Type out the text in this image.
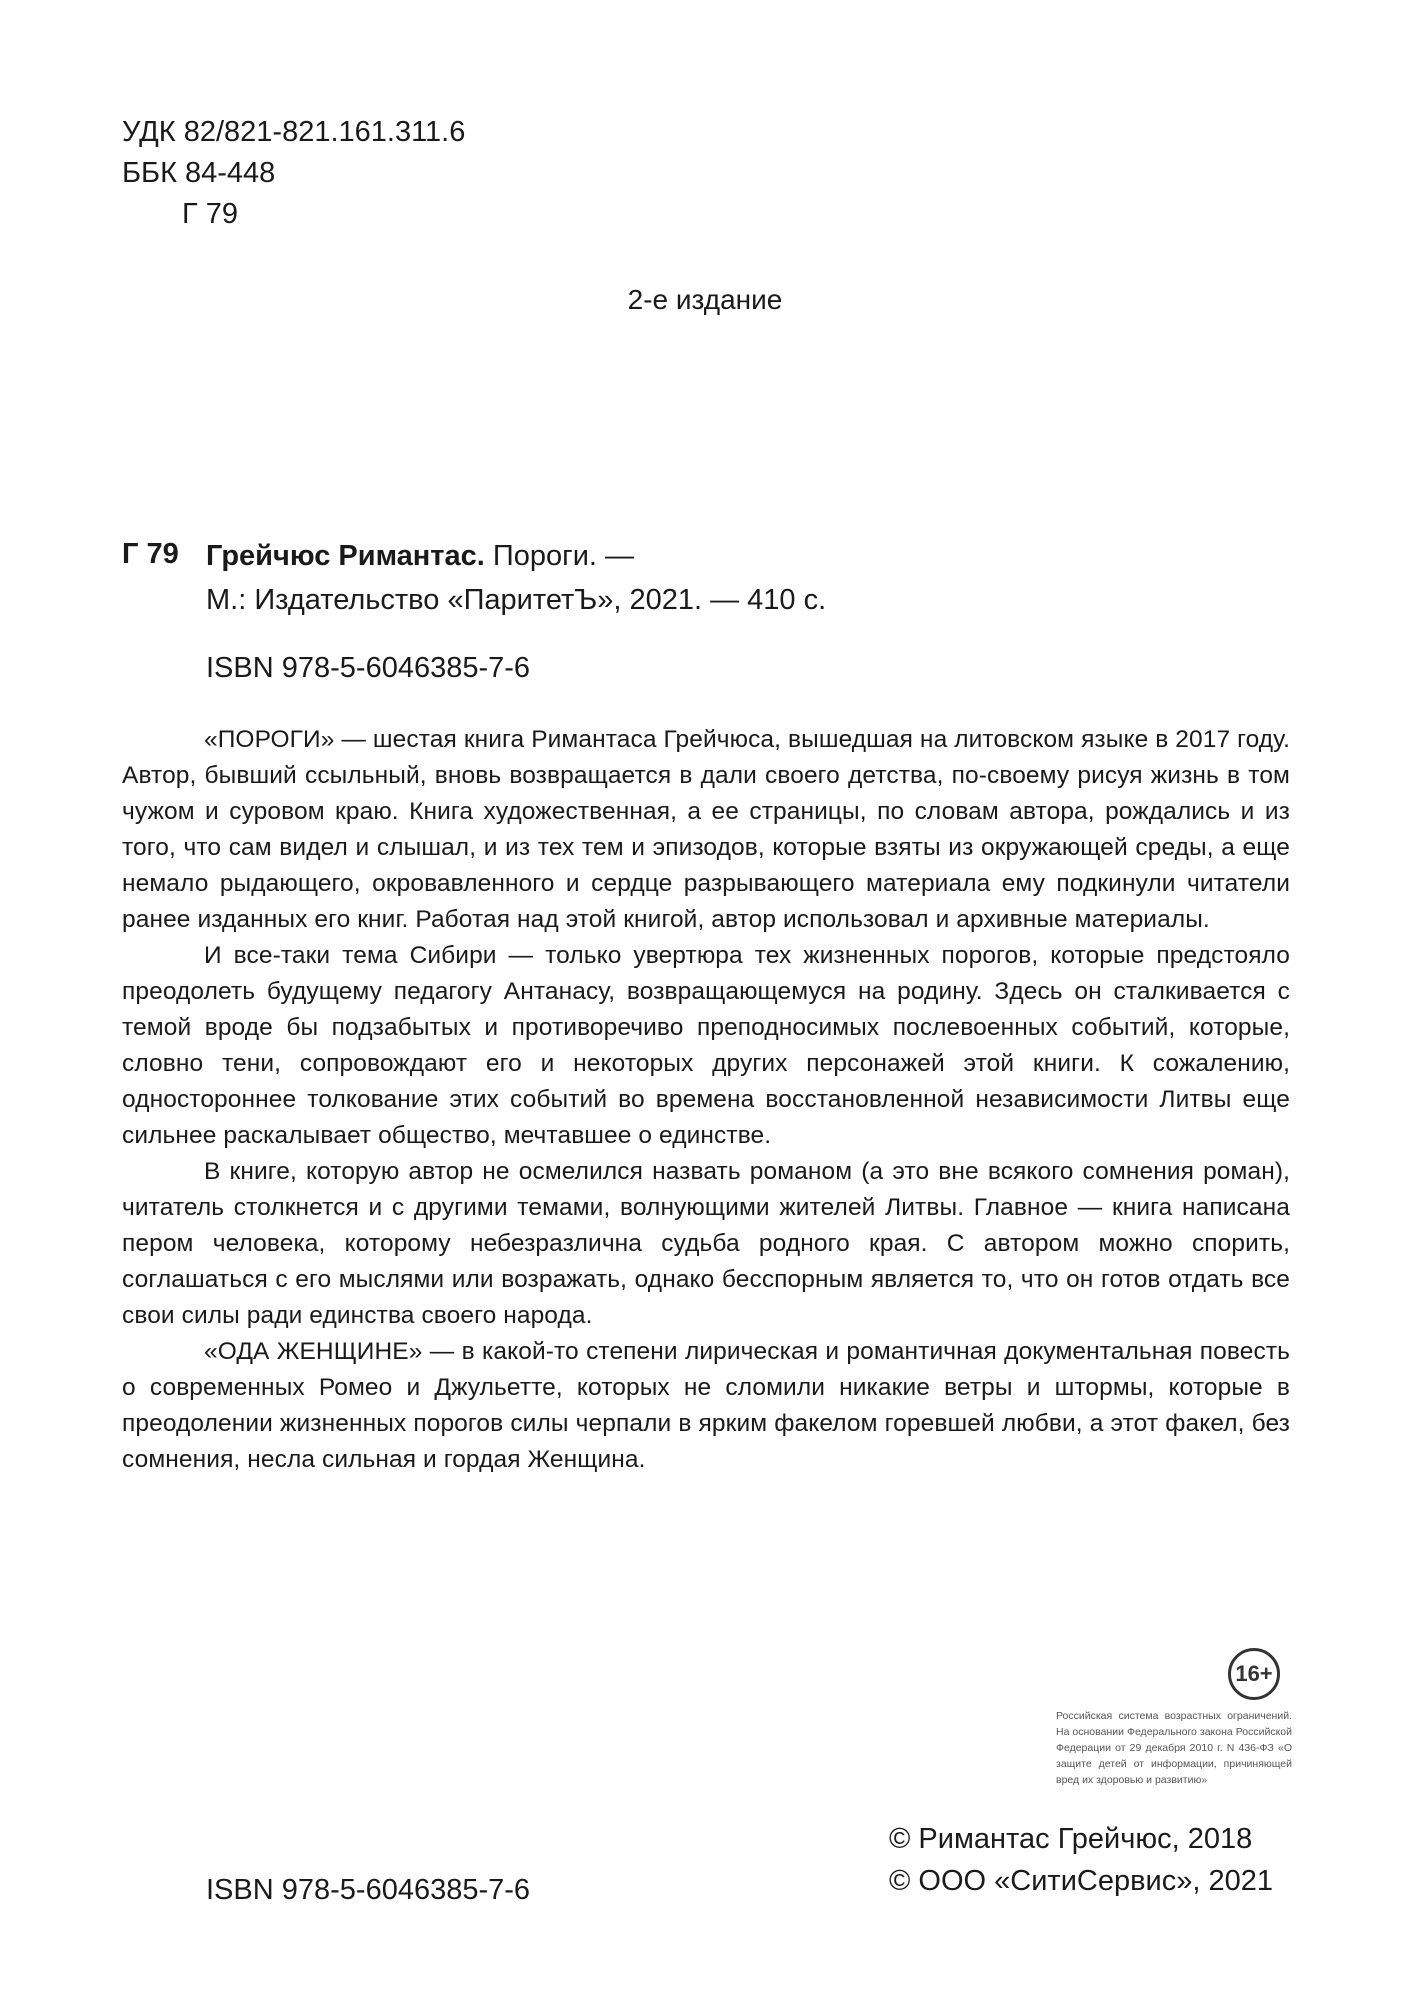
УДК 82/821-821.161.311.6
ББК 84-448
Г 79
2-е издание
Г 79 Грейчюс Римантас. Пороги. —
М.: Издательство «ПаритетЪ», 2021. — 410 с.
ISBN 978-5-6046385-7-6

«ПОРОГИ» — шестая книга Римантаса Грейчюса, вышедшая на литовском языке в 2017 году. Автор, бывший ссыльный, вновь возвращается в дали своего детства, по-своему рисуя жизнь в том чужом и суровом краю. Книга художественная, а ее страницы, по словам автора, рождались и из того, что сам видел и слышал, и из тех тем и эпизодов, которые взяты из окружающей среды, а еще немало рыдающего, окровавленного и сердце разрывающего материала ему подкинули читатели ранее изданных его книг. Работая над этой книгой, автор использовал и архивные материалы.

И все-таки тема Сибири — только увертюра тех жизненных порогов, которые предстояло преодолеть будущему педагогу Антанасу, возвращающемуся на родину. Здесь он сталкивается с темой вроде бы подзабытых и противоречиво преподносимых послевоенных событий, которые, словно тени, сопровождают его и некоторых других персонажей этой книги. К сожалению, одностороннее толкование этих событий во времена восстановленной независимости Литвы еще сильнее раскалывает общество, мечтавшее о единстве.

В книге, которую автор не осмелился назвать романом (а это вне всякого сомнения роман), читатель столкнется и с другими темами, волнующими жителей Литвы. Главное — книга написана пером человека, которому небезразлична судьба родного края. С автором можно спорить, соглашаться с его мыслями или возражать, однако бесспорным является то, что он готов отдать все свои силы ради единства своего народа.

«ОДА ЖЕНЩИНЕ» — в какой-то степени лирическая и романтичная документальная повесть о современных Ромео и Джульетте, которых не сломили никакие ветры и штормы, которые в преодолении жизненных порогов силы черпали в ярким факелом горевшей любви, а этот факел, без сомнения, несла сильная и гордая Женщина.

16+
Российская система возрастных ограничений. На основании Федерального закона Российской Федерации от 29 декабря 2010 г. N 436-ФЗ «О защите детей от информации, причиняющей вред их здоровью и развитию»
ISBN 978-5-6046385-7-6
© Римантас Грейчюс, 2018
© ООО «СитиСервис», 2021
